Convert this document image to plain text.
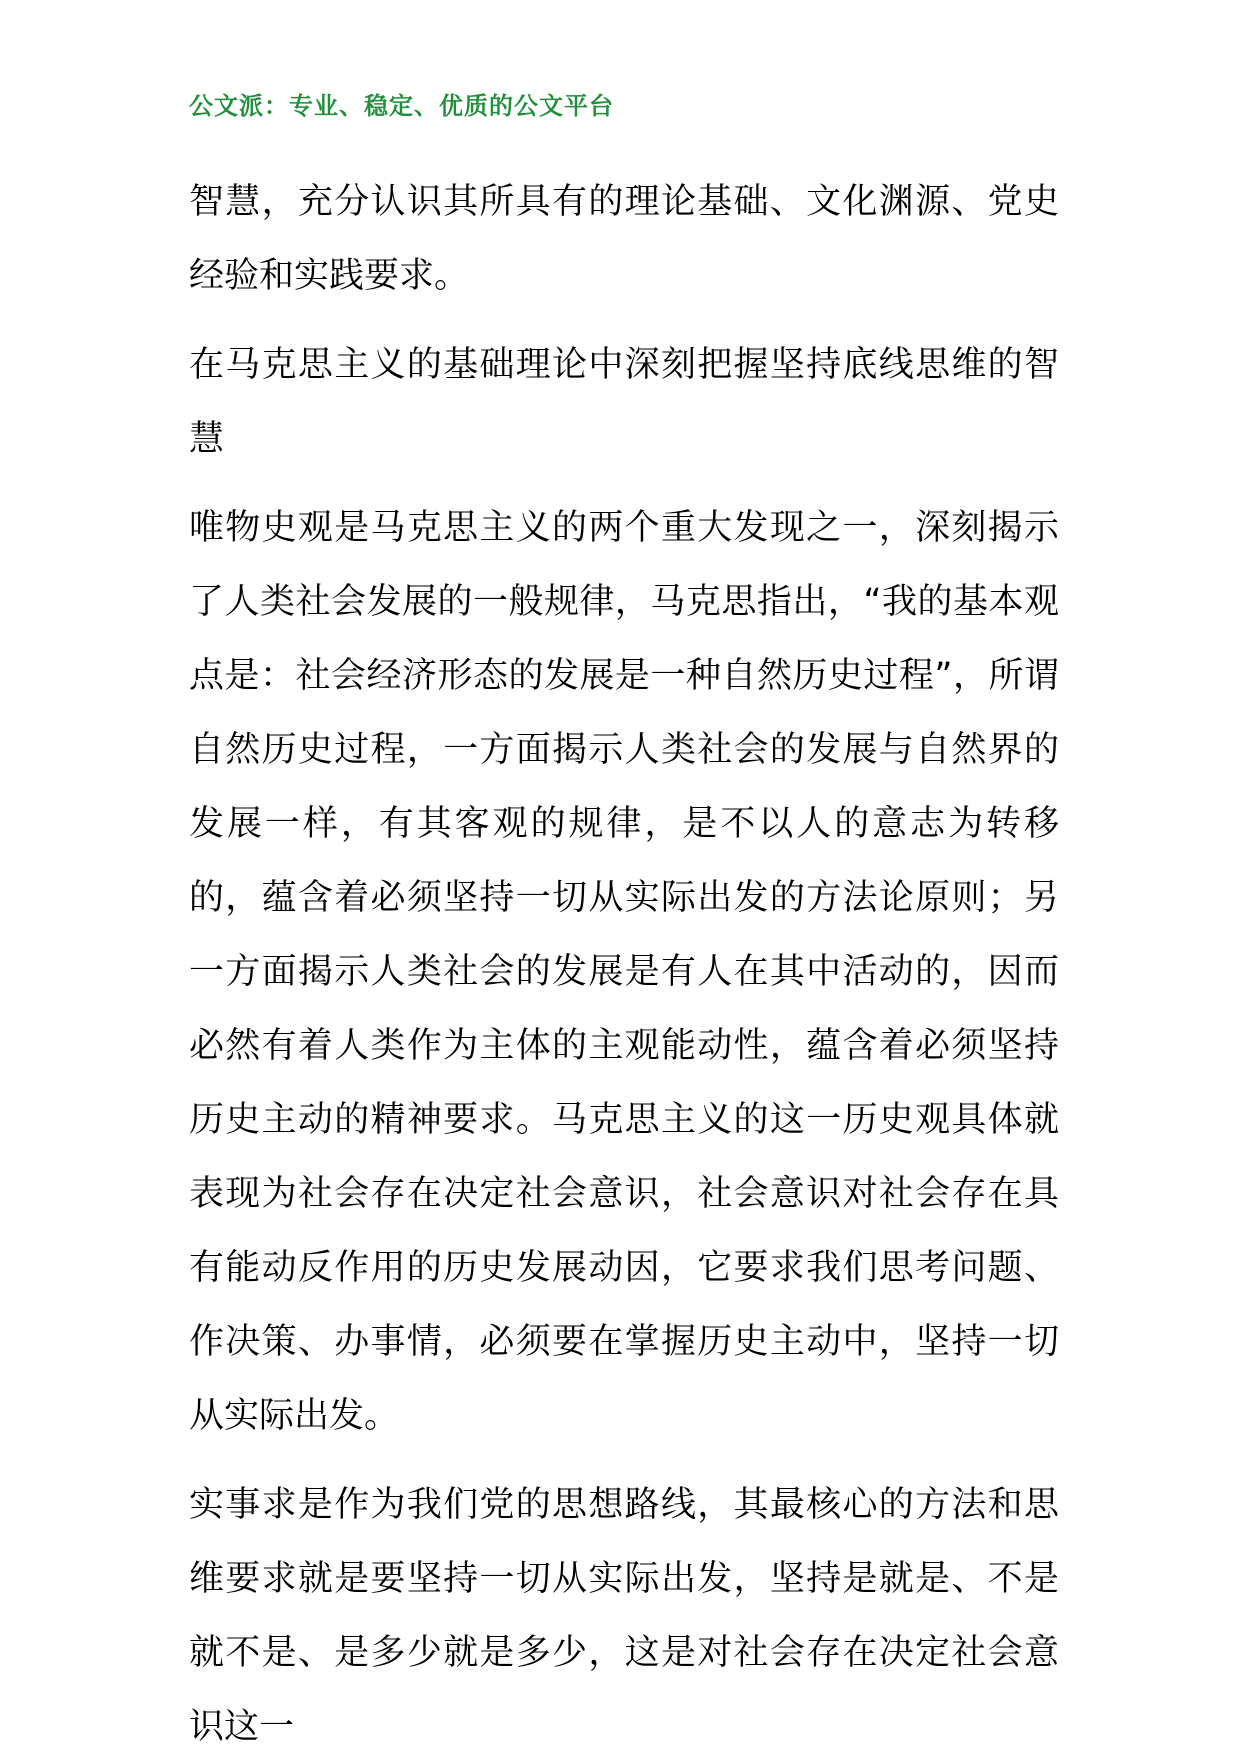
公文派：专业、稳定、优质的公文平台

智慧，充分认识其所具有的理论基础、文化渊源、党史经验和实践要求。

在马克思主义的基础理论中深刻把握坚持底线思维的智慧

唯物史观是马克思主义的两个重大发现之一，深刻揭示了人类社会发展的一般规律，马克思指出，“我的基本观点是：社会经济形态的发展是一种自然历史过程”，所谓自然历史过程，一方面揭示人类社会的发展与自然界的发展一样，有其客观的规律，是不以人的意志为转移的，蕴含着必须坚持一切从实际出发的方法论原则；另一方面揭示人类社会的发展是有人在其中活动的，因而必然有着人类作为主体的主观能动性，蕴含着必须坚持历史主动的精神要求。马克思主义的这一历史观具体就表现为社会存在决定社会意识，社会意识对社会存在具有能动反作用的历史发展动因，它要求我们思考问题、作决策、办事情，必须要在掌握历史主动中，坚持一切从实际出发。

实事求是作为我们党的思想路线，其最核心的方法和思维要求就是要坚持一切从实际出发，坚持是就是、不是就不是、是多少就是多少，这是对社会存在决定社会意识这一
